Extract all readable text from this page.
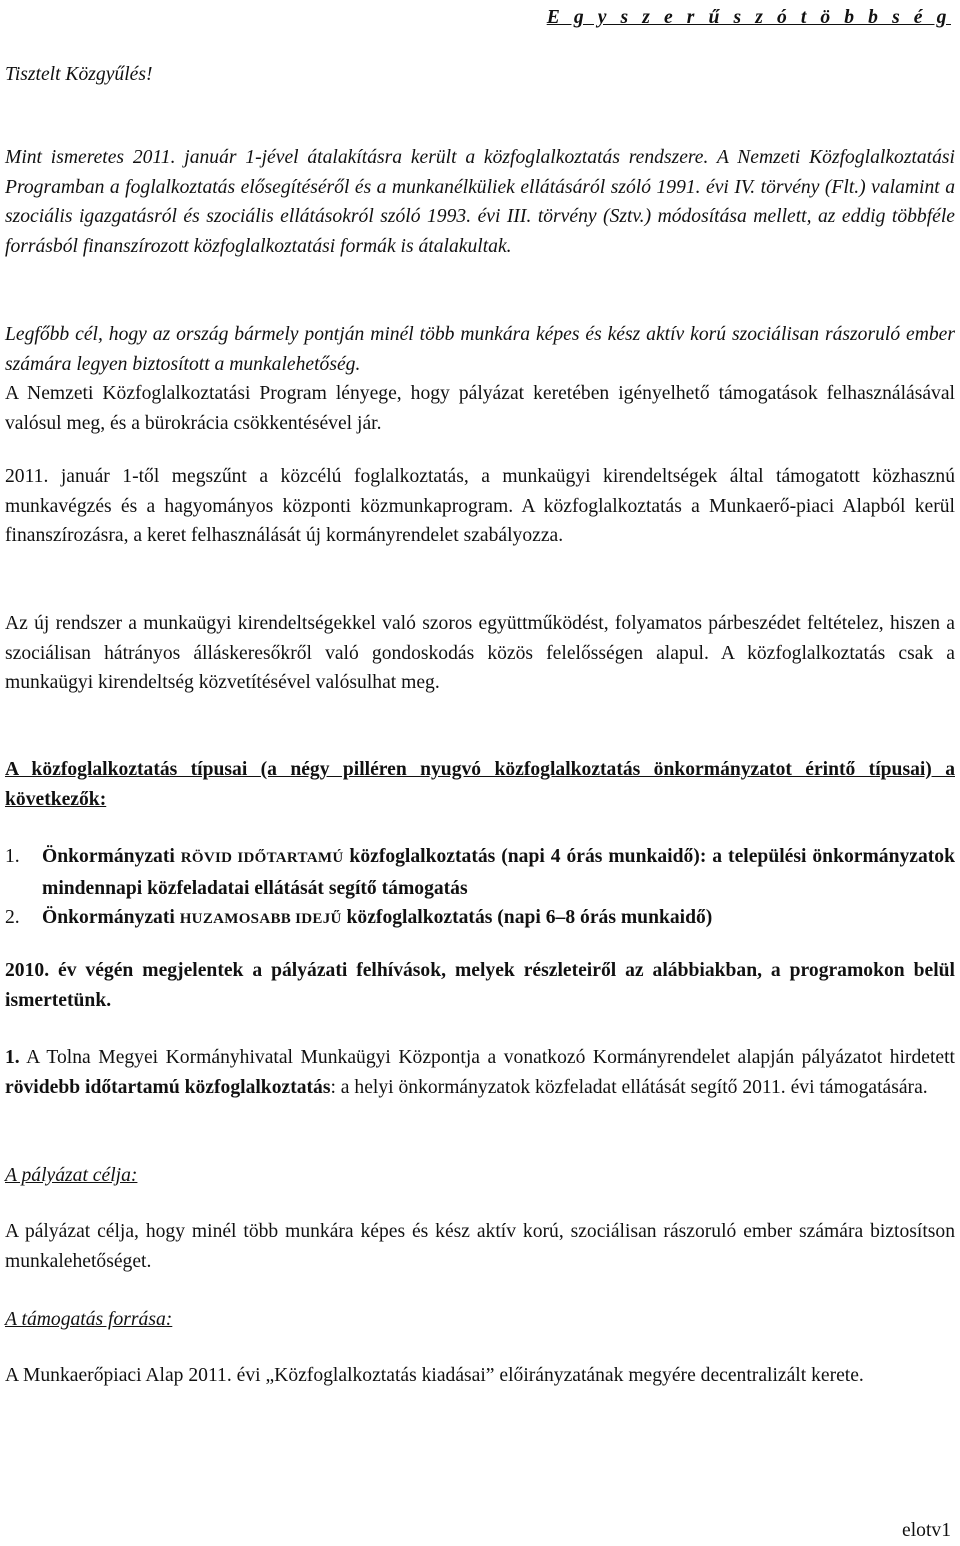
E g y s z e r ű s z ó t ö b b s é g

Tisztelt Közgyűlés!

Mint ismeretes 2011. január 1-jével átalakításra került a közfoglalkoztatás rendszere. A Nemzeti Közfoglalkoztatási Programban a foglalkoztatás elősegítéséről és a munkanélküliek ellátásáról szóló 1991. évi IV. törvény (Flt.) valamint a szociális igazgatásról és szociális ellátásokról szóló 1993. évi III. törvény (Sztv.) módosítása mellett, az eddig többféle forrásból finanszírozott közfoglalkoztatási formák is átalakultak.

Legfőbb cél, hogy az ország bármely pontján minél több munkára képes és kész aktív korú szociálisan rászoruló ember számára legyen biztosított a munkalehetőség.

A Nemzeti Közfoglalkoztatási Program lényege, hogy pályázat keretében igényelhető támogatások felhasználásával valósul meg, és a bürokrácia csökkentésével jár.

2011. január 1-től megszűnt a közcélú foglalkoztatás, a munkaügyi kirendeltségek által támogatott közhasznú munkavégzés és a hagyományos központi közmunkaprogram. A közfoglalkoztatás a Munkaerő-piaci Alapból kerül finanszírozásra, a keret felhasználását új kormányrendelet szabályozza.

Az új rendszer a munkaügyi kirendeltségekkel való szoros együttműködést, folyamatos párbeszédet feltételez, hiszen a szociálisan hátrányos álláskeresőkről való gondoskodás közös felelősségen alapul. A közfoglalkoztatás csak a munkaügyi kirendeltség közvetítésével valósulhat meg.

A közfoglalkoztatás típusai (a négy pilléren nyugvó közfoglalkoztatás önkormányzatot érintő típusai) a következők:

1. Önkormányzati RÖVID IDŐTARTAMÚ közfoglalkoztatás (napi 4 órás munkaidő): a települési önkormányzatok mindennapi közfeladatai ellátását segítő támogatás
2. Önkormányzati HUZAMOSABB IDEJŰ közfoglalkoztatás (napi 6–8 órás munkaidő)

2010. év végén megjelentek a pályázati felhívások, melyek részleteiről az alábbiakban, a programokon belül ismertetünk.

1. A Tolna Megyei Kormányhivatal Munkaügyi Központja a vonatkozó Kormányrendelet alapján pályázatot hirdetett rövidebb időtartamú közfoglalkoztatás: a helyi önkormányzatok közfeladat ellátását segítő 2011. évi támogatására.

A pályázat célja:

A pályázat célja, hogy minél több munkára képes és kész aktív korú, szociálisan rászoruló ember számára biztosítson munkalehetőséget.

A támogatás forrása:

A Munkaerőpiaci Alap 2011. évi „Közfoglalkoztatás kiadásai” előirányzatának megyére decentralizált kerete.

elotv1
